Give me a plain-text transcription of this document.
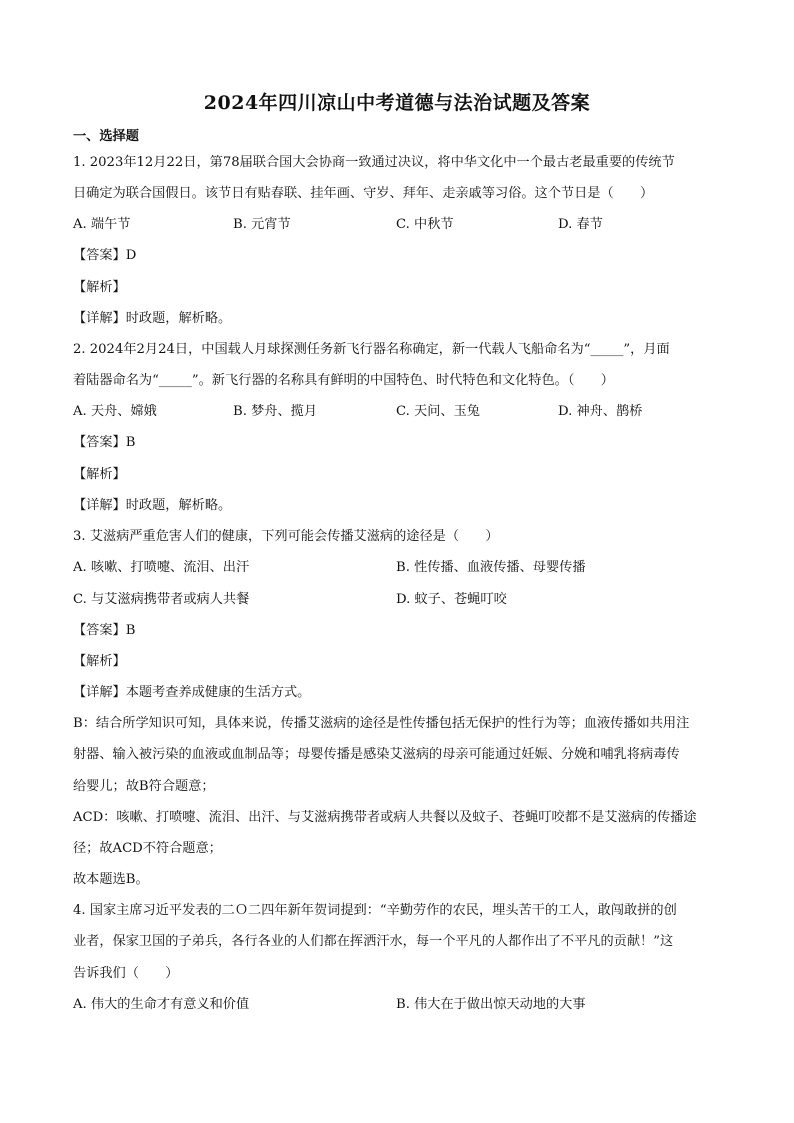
2024年四川凉山中考道德与法治试题及答案
一、选择题
1. 2023年12月22日，第78届联合国大会协商一致通过决议，将中华文化中一个最古老最重要的传统节
日确定为联合国假日。该节日有贴春联、挂年画、守岁、拜年、走亲戚等习俗。这个节日是（　　）
A. 端午节	B. 元宵节	C. 中秋节	D. 春节
【答案】D
【解析】
【详解】时政题，解析略。
2. 2024年2月24日，中国载人月球探测任务新飞行器名称确定，新一代载人飞船命名为“_____”，月面
着陆器命名为“_____”。新飞行器的名称具有鲜明的中国特色、时代特色和文化特色。（　　）
A. 天舟、嫦娥	B. 梦舟、揽月	C. 天问、玉兔	D. 神舟、鹊桥
【答案】B
【解析】
【详解】时政题，解析略。
3. 艾滋病严重危害人们的健康，下列可能会传播艾滋病的途径是（　　）
A. 咳嗽、打喷嚏、流泪、出汗	B. 性传播、血液传播、母婴传播
C. 与艾滋病携带者或病人共餐	D. 蚊子、苍蝇叮咬
【答案】B
【解析】
【详解】本题考查养成健康的生活方式。
B：结合所学知识可知，具体来说，传播艾滋病的途径是性传播包括无保护的性行为等；血液传播如共用注
射器、输入被污染的血液或血制品等；母婴传播是感染艾滋病的母亲可能通过妊娠、分娩和哺乳将病毒传
给婴儿；故B符合题意；
ACD：咳嗽、打喷嚏、流泪、出汗、与艾滋病携带者或病人共餐以及蚊子、苍蝇叮咬都不是艾滋病的传播途
径；故ACD不符合题意；
故本题选B。
4. 国家主席习近平发表的二Ｏ二四年新年贺词提到：“辛勤劳作的农民，埋头苦干的工人，敢闯敢拼的创
业者，保家卫国的子弟兵，各行各业的人们都在挥洒汗水，每一个平凡的人都作出了不平凡的贡献！”这
告诉我们（　　）
A. 伟大的生命才有意义和价值	B. 伟大在于做出惊天动地的大事
